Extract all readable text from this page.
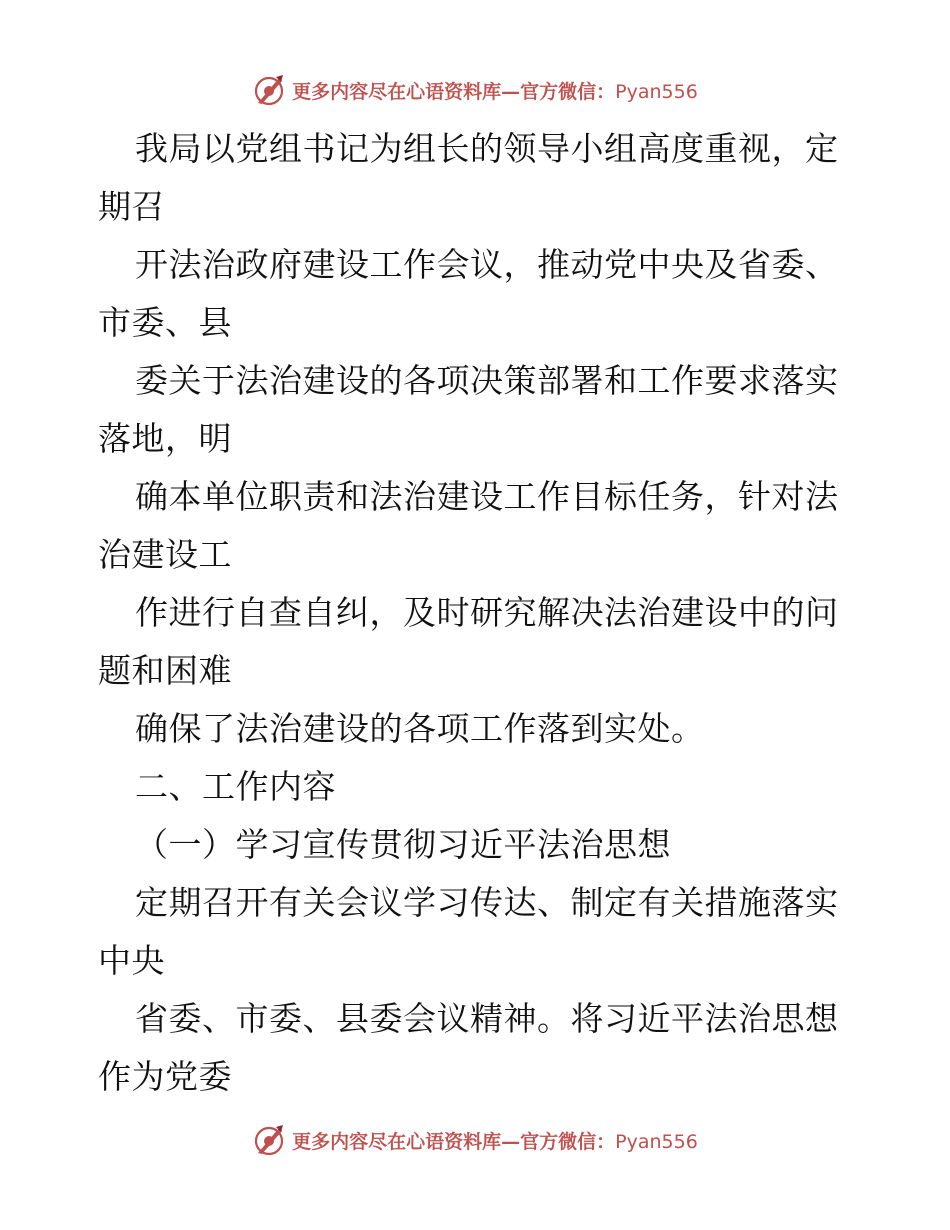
更多内容尽在心语资料库—官方微信：Pyan556
我局以党组书记为组长的领导小组高度重视，定
期召
开法治政府建设工作会议，推动党中央及省委、
市委、县
委关于法治建设的各项决策部署和工作要求落实
落地，明
确本单位职责和法治建设工作目标任务，针对法
治建设工
作进行自查自纠，及时研究解决法治建设中的问
题和困难
确保了法治建设的各项工作落到实处。
二、工作内容
（一）学习宣传贯彻习近平法治思想
定期召开有关会议学习传达、制定有关措施落实
中央
省委、市委、县委会议精神。将习近平法治思想
作为党委
更多内容尽在心语资料库—官方微信：Pyan556
